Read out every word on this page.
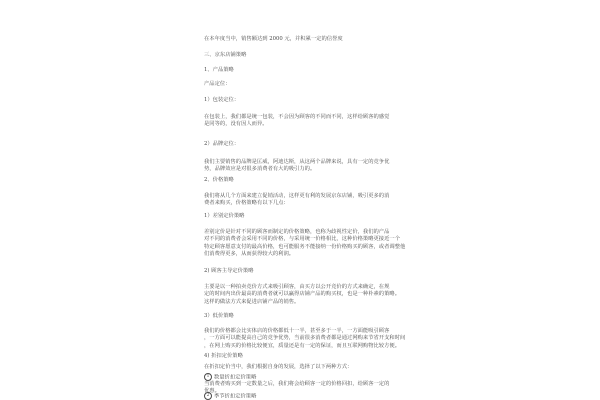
在本年度当中，销售额达到 2000 元，并积累一定的信誉度
三、京东店铺策略
1、产品策略
产品定位：
1）包装定位：

在包装上，我们都是统一包装，不会因为顾客的不同而不同，这样给顾客的感觉

是同等的，没有因人而异。

2）品牌定位：

我们主要销售的品牌是匡威，阿迪达斯，从这两个品牌来说，具有一定的竞争优

势，品牌效应是对很多消费者有大的吸引力的。

2、价格策略

我们将从几个方面来建立促销活动，这样更有利的发展京东店铺，吸引更多的消

费者来购买，价格策略有以下几点：

1）差别定价策略

差别定价是针对不同的顾客而制定的价格策略，也称为歧视性定价，我们的产品

对不同的消费者会采用不同的价格，与采用统一价格相比，这种价格策略更接近一个

特定顾客愿意支付的最高价格，也可能服务不能接纳一份价格购买的顾客，或者调整他

们消费得更多，从而获得较大的利润。

2) 顾客主导定价策略

主要是以一种拍卖竞价方式来吸引顾客，由买方以公开竞价的方式来确定，在规

定的时间内出价最高的消费者就可以赢得店铺产品的购买权，也是一种朴素的策略。

这样的做法方式来促进店铺产品的销售。

3）低价策略

我们的价格都会比实体店的价格都低十一半，甚至多于一半，一方面能吸引顾客

，一方面可以能提高自己的竞争优势，当前很多消费者都是通过网购来节省开支和时间

，在网上购买的价格比较便宜，质量还是有一定的保证，而且互联网购物比较方便。

4) 折扣定价策略
在折扣定价当中，我们根据自身的发展，选择了以下两种方式：
1 数量折扣定价策略

当消费者购买到一定数量之后，我们将会给顾客一定的价格回扣，给顾客一定的

优惠。

2 季节折扣定价策略
